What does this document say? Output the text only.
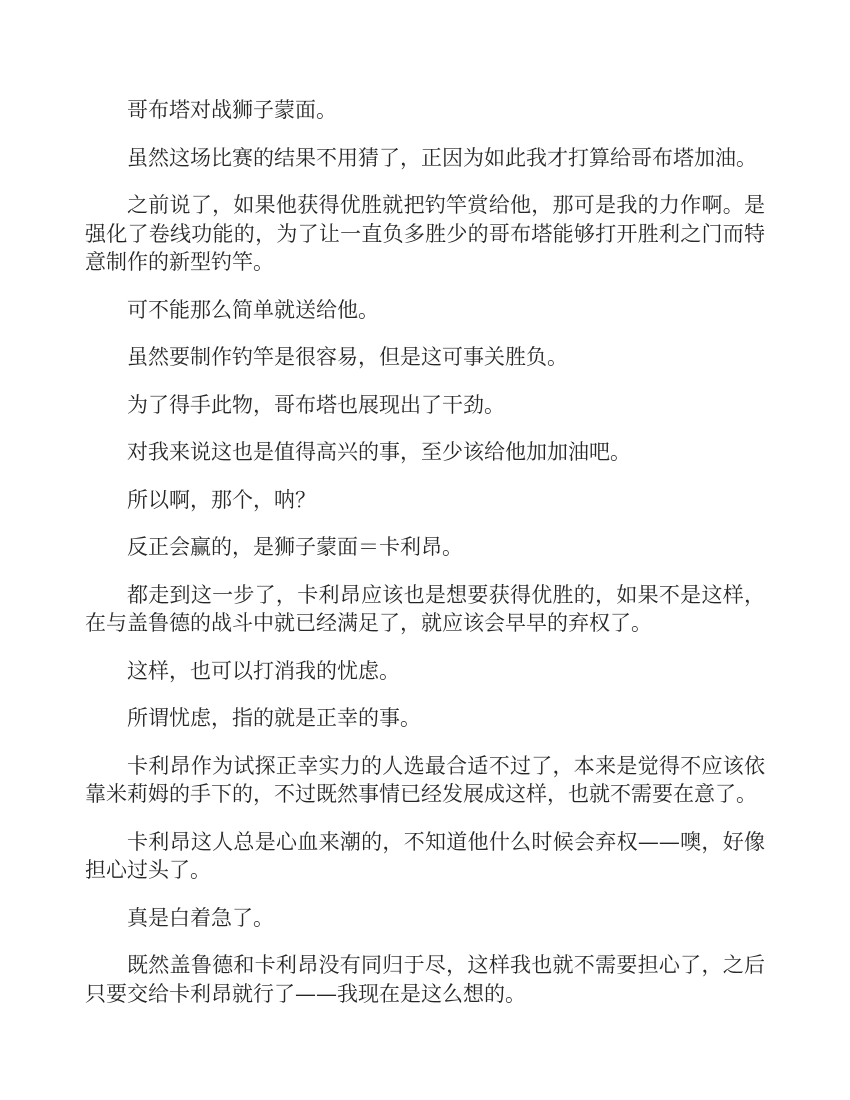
哥布塔对战狮子蒙面。

虽然这场比赛的结果不用猜了，正因为如此我才打算给哥布塔加油。

之前说了，如果他获得优胜就把钓竿赏给他，那可是我的力作啊。是强化了卷线功能的，为了让一直负多胜少的哥布塔能够打开胜利之门而特意制作的新型钓竿。

可不能那么简单就送给他。

虽然要制作钓竿是很容易，但是这可事关胜负。

为了得手此物，哥布塔也展现出了干劲。

对我来说这也是值得高兴的事，至少该给他加加油吧。

所以啊，那个，呐？

反正会赢的，是狮子蒙面＝卡利昂。

都走到这一步了，卡利昂应该也是想要获得优胜的，如果不是这样，在与盖鲁德的战斗中就已经满足了，就应该会早早的弃权了。

这样，也可以打消我的忧虑。

所谓忧虑，指的就是正幸的事。

卡利昂作为试探正幸实力的人选最合适不过了，本来是觉得不应该依靠米莉姆的手下的，不过既然事情已经发展成这样，也就不需要在意了。

卡利昂这人总是心血来潮的，不知道他什么时候会弃权——噢，好像担心过头了。

真是白着急了。

既然盖鲁德和卡利昂没有同归于尽，这样我也就不需要担心了，之后只要交给卡利昂就行了——我现在是这么想的。
